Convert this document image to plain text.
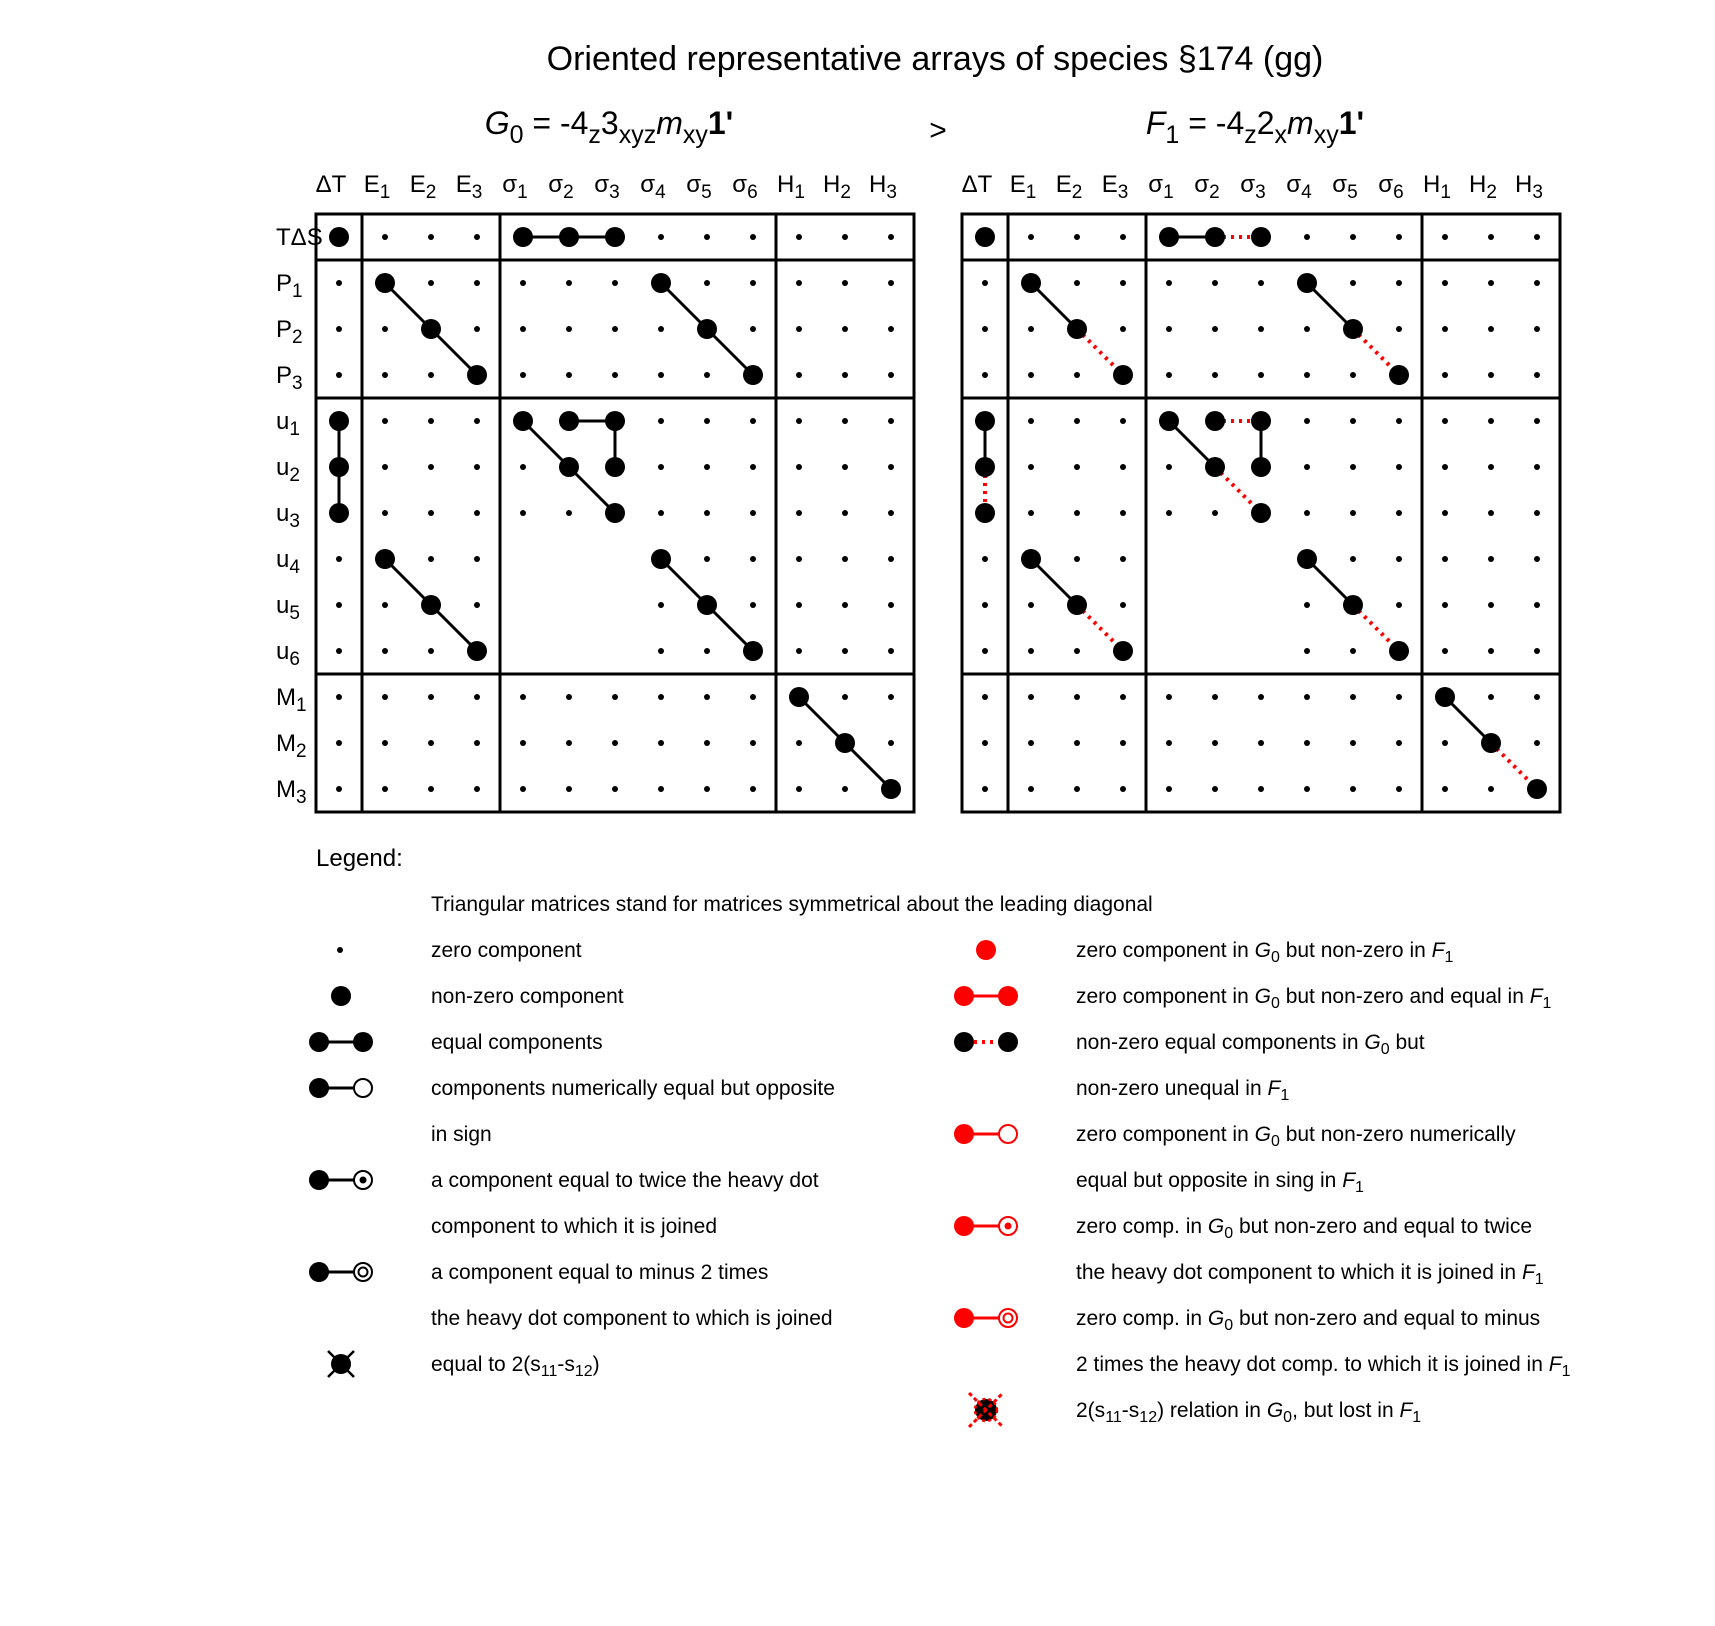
Oriented representative arrays of species §174 (gg)
>
G0 = -4z3xyzmxy1'
ΔT E1 E2 E3 σ1 σ2 σ3 σ4 σ5 σ6 H1 H2 H3
TΔS
P1
P2
P3
u1
u2
u3
u4
u5
u6
M1
M2
M3
F1 = -4z2xmxy1'
ΔT E1 E2 E3 σ1 σ2 σ3 σ4 σ5 σ6 H1 H2 H3
Legend:
Triangular matrices stand for matrices symmetrical about the leading diagonal
zero component
non-zero component
equal components
components numerically equal but opposite
in sign
a component equal to twice the heavy dot
component to which it is joined
a component equal to minus 2 times
the heavy dot component to which is joined
equal to 2(s11-s12)
zero component in G0 but non-zero in F1
zero component in G0 but non-zero and equal in F1
non-zero equal components in G0 but
non-zero unequal in F1
zero component in G0 but non-zero numerically
equal but opposite in sing in F1
zero comp. in G0 but non-zero and equal to twice
the heavy dot component to which it is joined in F1
zero comp. in G0 but non-zero and equal to minus
2 times the heavy dot comp. to which it is joined in F1
2(s11-s12) relation in G0, but lost in F1
